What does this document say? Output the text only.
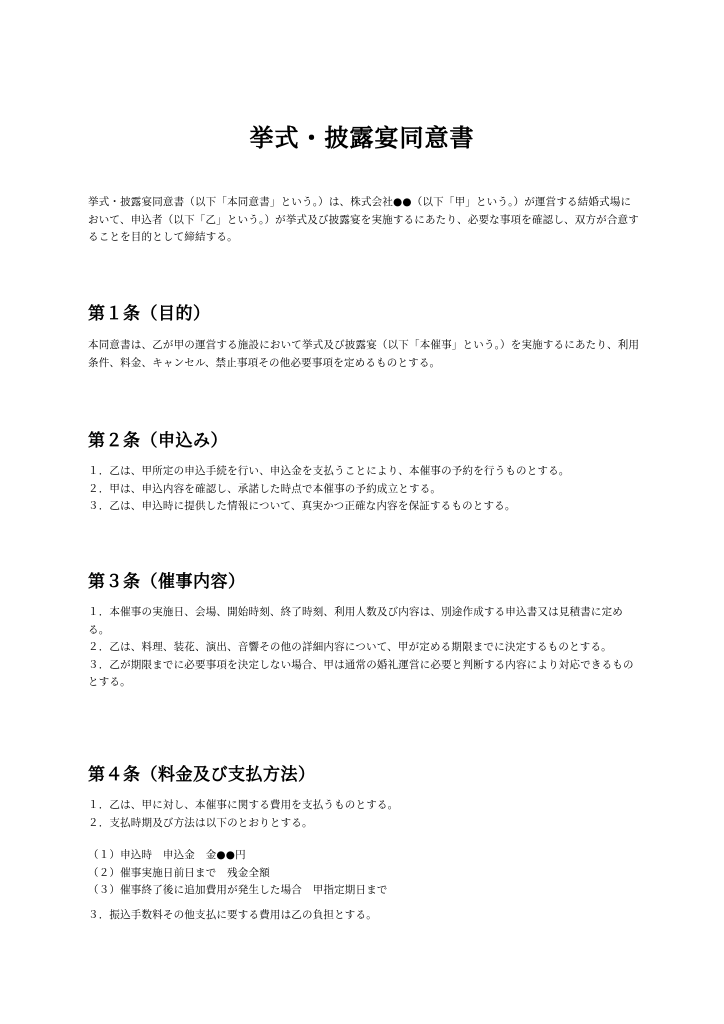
挙式・披露宴同意書

挙式・披露宴同意書（以下「本同意書」という。）は、株式会社●●（以下「甲」という。）が運営する結婚式場において、申込者（以下「乙」という。）が挙式及び披露宴を実施するにあたり、必要な事項を確認し、双方が合意することを目的として締結する。

第１条（目的）

本同意書は、乙が甲の運営する施設において挙式及び披露宴（以下「本催事」という。）を実施するにあたり、利用条件、料金、キャンセル、禁止事項その他必要事項を定めるものとする。

第２条（申込み）
１．乙は、甲所定の申込手続を行い、申込金を支払うことにより、本催事の予約を行うものとする。
２．甲は、申込内容を確認し、承諾した時点で本催事の予約成立とする。
３．乙は、申込時に提供した情報について、真実かつ正確な内容を保証するものとする。
第３条（催事内容）
１．本催事の実施日、会場、開始時刻、終了時刻、利用人数及び内容は、別途作成する申込書又は見積書に定める。
２．乙は、料理、装花、演出、音響その他の詳細内容について、甲が定める期限までに決定するものとする。
３．乙が期限までに必要事項を決定しない場合、甲は通常の婚礼運営に必要と判断する内容により対応できるものとする。
第４条（料金及び支払方法）
１．乙は、甲に対し、本催事に関する費用を支払うものとする。
２．支払時期及び方法は以下のとおりとする。
（１）申込時　申込金　金●●円
（２）催事実施日前日まで　残金全額
（３）催事終了後に追加費用が発生した場合　甲指定期日まで

３．振込手数料その他支払に要する費用は乙の負担とする。
